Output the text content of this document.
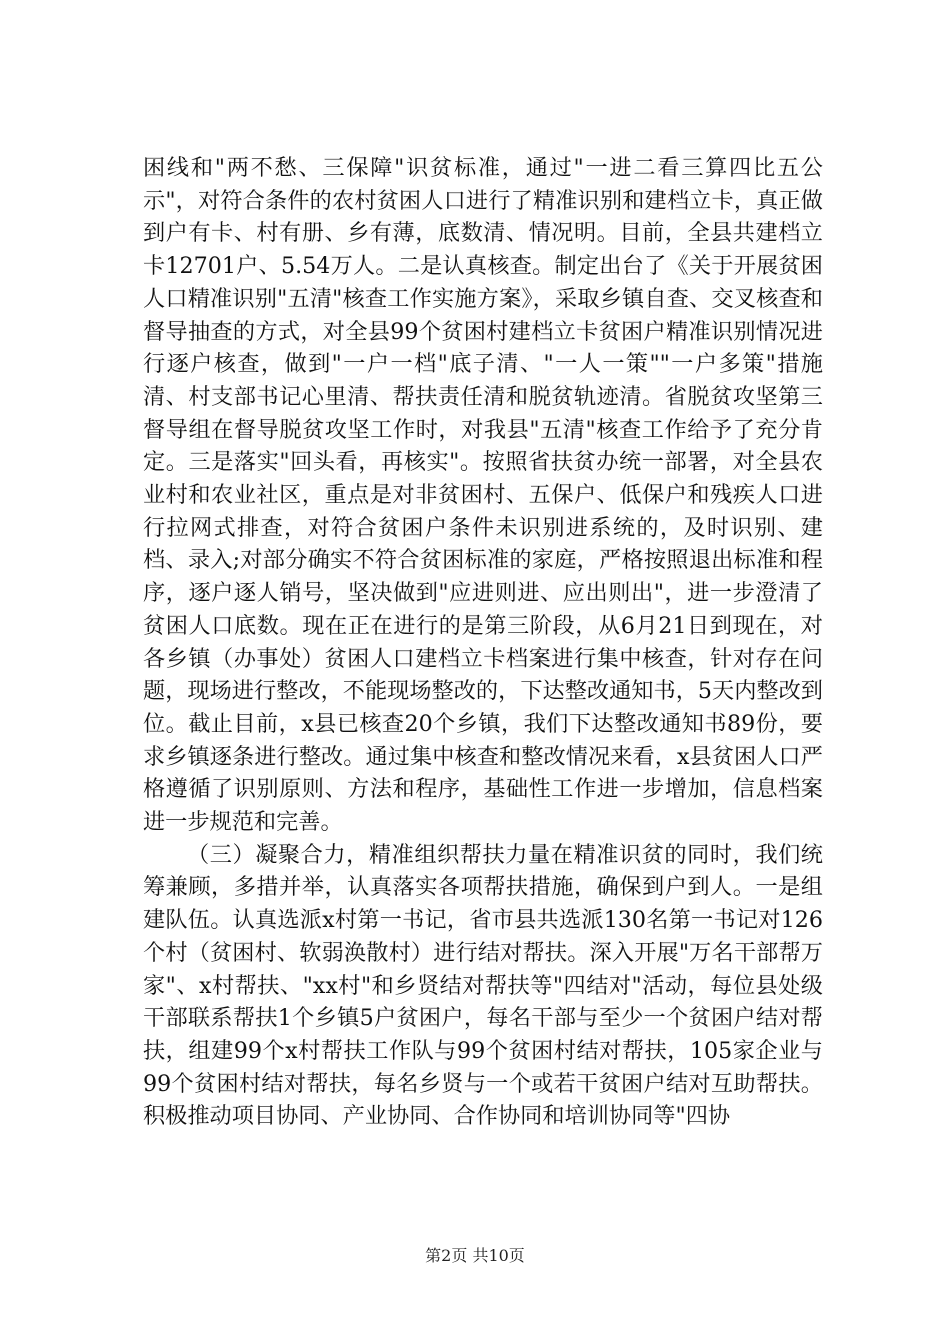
困线和"两不愁、三保障"识贫标准，通过"一进二看三算四比五公示"，对符合条件的农村贫困人口进行了精准识别和建档立卡，真正做到户有卡、村有册、乡有薄，底数清、情况明。目前，全县共建档立卡12701户、5.54万人。二是认真核查。制定出台了《关于开展贫困人口精准识别"五清"核查工作实施方案》，采取乡镇自查、交叉核查和督导抽查的方式，对全县99个贫困村建档立卡贫困户精准识别情况进行逐户核查，做到"一户一档"底子清、"一人一策""一户多策"措施清、村支部书记心里清、帮扶责任清和脱贫轨迹清。省脱贫攻坚第三督导组在督导脱贫攻坚工作时，对我县"五清"核查工作给予了充分肯定。三是落实"回头看，再核实"。按照省扶贫办统一部署，对全县农业村和农业社区，重点是对非贫困村、五保户、低保户和残疾人口进行拉网式排查，对符合贫困户条件未识别进系统的，及时识别、建档、录入;对部分确实不符合贫困标准的家庭，严格按照退出标准和程序，逐户逐人销号，坚决做到"应进则进、应出则出"，进一步澄清了贫困人口底数。现在正在进行的是第三阶段，从6月21日到现在，对各乡镇（办事处）贫困人口建档立卡档案进行集中核查，针对存在问题，现场进行整改，不能现场整改的，下达整改通知书，5天内整改到位。截止目前，x县已核查20个乡镇，我们下达整改通知书89份，要求乡镇逐条进行整改。通过集中核查和整改情况来看，x县贫困人口严格遵循了识别原则、方法和程序，基础性工作进一步增加，信息档案进一步规范和完善。

（三）凝聚合力，精准组织帮扶力量在精准识贫的同时，我们统筹兼顾，多措并举，认真落实各项帮扶措施，确保到户到人。一是组建队伍。认真选派x村第一书记，省市县共选派130名第一书记对126个村（贫困村、软弱涣散村）进行结对帮扶。深入开展"万名干部帮万家"、x村帮扶、"xx村"和乡贤结对帮扶等"四结对"活动，每位县处级干部联系帮扶1个乡镇5户贫困户，每名干部与至少一个贫困户结对帮扶，组建99个x村帮扶工作队与99个贫困村结对帮扶，105家企业与99个贫困村结对帮扶，每名乡贤与一个或若干贫困户结对互助帮扶。积极推动项目协同、产业协同、合作协同和培训协同等"四协

第2页 共10页
